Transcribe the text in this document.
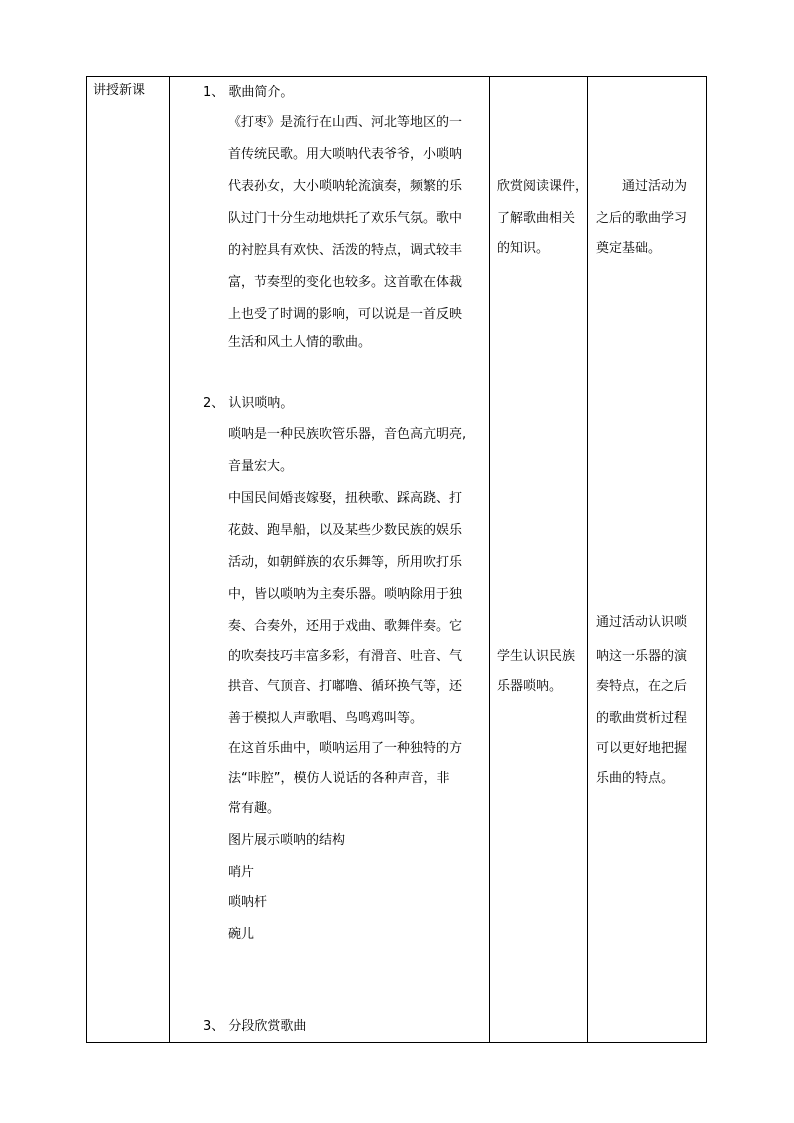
讲授新课	1、 歌曲简介。
《打枣》是流行在山西、河北等地区的一
首传统民歌。用大唢呐代表爷爷，小唢呐
代表孙女，大小唢呐轮流演奏，频繁的乐
队过门十分生动地烘托了欢乐气氛。歌中
的衬腔具有欢快、活泼的特点，调式较丰
富，节奏型的变化也较多。这首歌在体裁
上也受了时调的影响，可以说是一首反映
生活和风土人情的歌曲。
2、 认识唢呐。
唢呐是一种民族吹管乐器，音色高亢明亮,
音量宏大。
中国民间婚丧嫁娶，扭秧歌、踩高跷、打
花鼓、跑旱船，以及某些少数民族的娱乐
活动，如朝鲜族的农乐舞等，所用吹打乐
中，皆以唢呐为主奏乐器。唢呐除用于独
奏、合奏外，还用于戏曲、歌舞伴奏。它
的吹奏技巧丰富多彩，有滑音、吐音、气
拱音、气顶音、打嘟噜、循环换气等，还
善于模拟人声歌唱、鸟鸣鸡叫等。
在这首乐曲中，唢呐运用了一种独特的方
法“咔腔”，模仿人说话的各种声音，非
常有趣。
图片展示唢呐的结构
哨片
唢呐杆
碗儿
3、 分段欣赏歌曲
欣赏阅读课件，
了解歌曲相关
的知识。
学生认识民族
乐器唢呐。
通过活动为
之后的歌曲学习
奠定基础。
通过活动认识唢
呐这一乐器的演
奏特点，在之后
的歌曲赏析过程
可以更好地把握
乐曲的特点。
